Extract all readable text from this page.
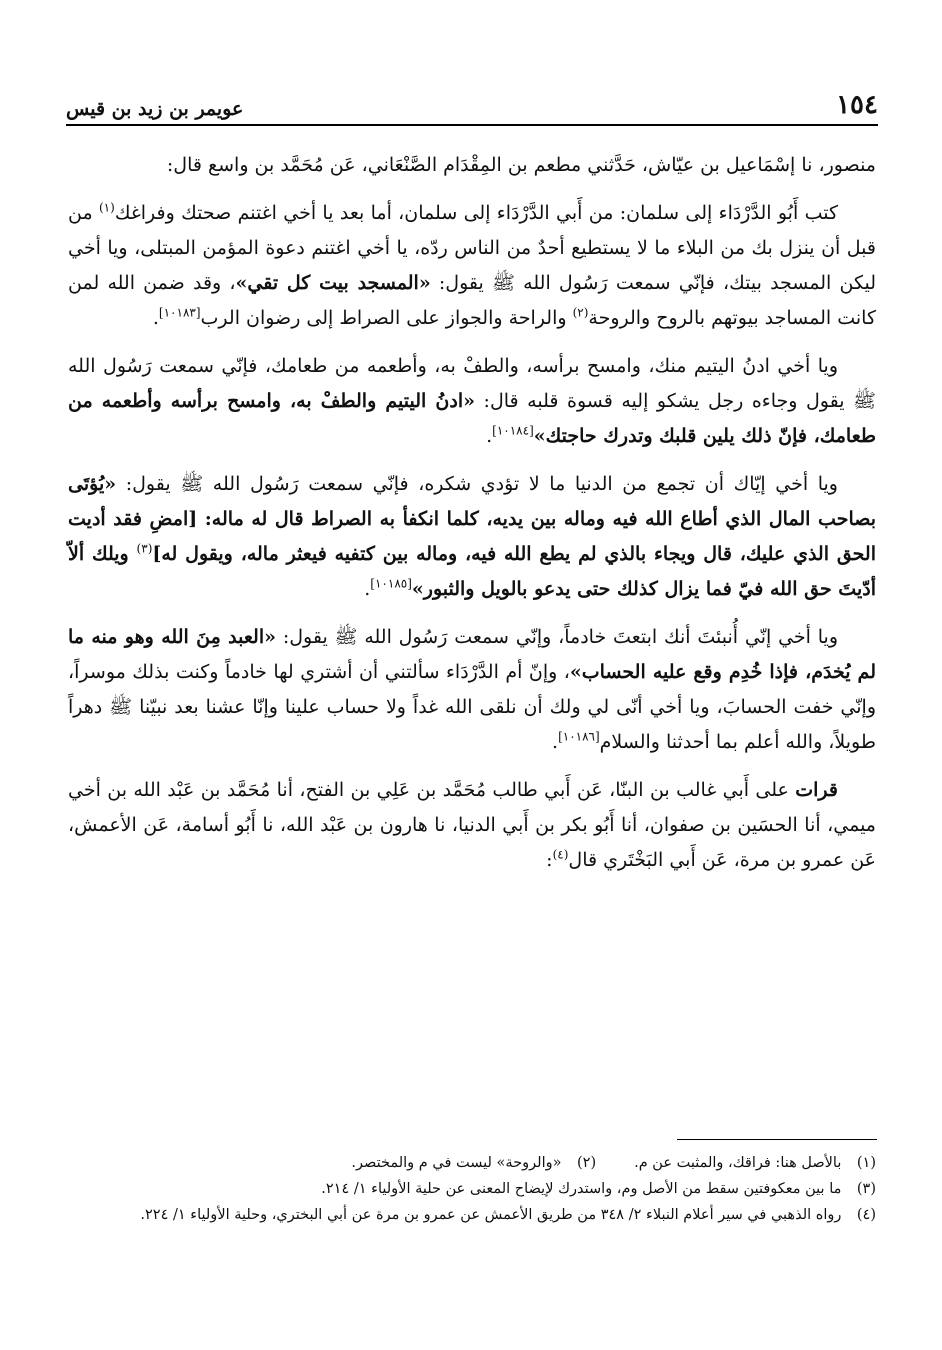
١٥٤
عويمر بن زيد بن قيس

منصور، نا إسْمَاعيل بن عيّاش، حَدَّثني مطعم بن المِقْدَام الصَّنْعَاني، عَن مُحَمَّد بن واسع قال:

كتب أَبُو الدَّرْدَاء إلى سلمان: من أَبي الدَّرْدَاء إلى سلمان، أما بعد يا أخي اغتنم صحتك وفراغك$^{(١)}$ من قبل أن ينزل بك من البلاء ما لا يستطيع أحدٌ من الناس ردّه، يا أخي اغتنم دعوة المؤمن المبتلى، ويا أخي ليكن المسجد بيتك، فإنّي سمعت رَسُول الله ﷺ يقول: «المسجد بيت كل تقي»، وقد ضمن الله لمن كانت المساجد بيوتهم بالروح والروحة$^{(٢)}$ والراحة والجواز على الصراط إلى رضوان الرب[١٠١٨٣].

ويا أخي ادنُ اليتيم منك، وامسح برأسه، والطفْ به، وأطعمه من طعامك، فإنّي سمعت رَسُول الله ﷺ يقول وجاءه رجل يشكو إليه قسوة قلبه قال: «ادنُ اليتيم والطفْ به، وامسح برأسه وأطعمه من طعامك، فإنّ ذلك يلين قلبك وتدرك حاجتك»[١٠١٨٤].

ويا أخي إيّاك أن تجمع من الدنيا ما لا تؤدي شكره، فإنّي سمعت رَسُول الله ﷺ يقول: «يُؤتَى بصاحب المال الذي أطاع الله فيه وماله بين يديه، كلما انكفأ به الصراط قال له ماله: [امضِ فقد أديت الحق الذي عليك، قال ويجاء بالذي لم يطع الله فيه، وماله بين كتفيه فيعثر ماله، ويقول له]$^{(٣)}$ ويلك ألاّ أدّيتَ حق الله فيّ فما يزال كذلك حتى يدعو بالويل والثبور»[١٠١٨٥].

ويا أخي إنّي أُنبئتَ أنك ابتعتَ خادماً، وإنّي سمعت رَسُول الله ﷺ يقول: «العبد مِنَ الله وهو منه ما لم يُخدَم، فإذا خُدِم وقع عليه الحساب»، وإنّ أم الدَّرْدَاء سألتني أن أشتري لها خادماً وكنت بذلك موسراً، وإنّي خفت الحسابَ، ويا أخي أنّى لي ولك أن نلقى الله غداً ولا حساب علينا وإنّا عشنا بعد نبيّنا ﷺ دهراً طويلاً، والله أعلم بما أحدثنا والسلام[١٠١٨٦].

قرات على أَبي غالب بن البنّا، عَن أَبي طالب مُحَمَّد بن عَلِي بن الفتح، أنا مُحَمَّد بن عَبْد الله بن أخي ميمي، أنا الحسَين بن صفوان، أنا أَبُو بكر بن أَبي الدنيا، نا هارون بن عَبْد الله، نا أَبُو أسامة، عَن الأعمش، عَن عمرو بن مرة، عَن أَبي البَخْتَري قال$^{(٤)}$:

(١) بالأصل هنا: فراقك، والمثبت عن م.

(٢) «والروحة» ليست في م والمختصر.

(٣) ما بين معكوفتين سقط من الأصل وم، واستدرك لإيضاح المعنى عن حلية الأولياء ١/ ٢١٤.

(٤) رواه الذهبي في سير أعلام النبلاء ٢/ ٣٤٨ من طريق الأعمش عن عمرو بن مرة عن أبي البختري، وحلية الأولياء ١/ ٢٢٤.
